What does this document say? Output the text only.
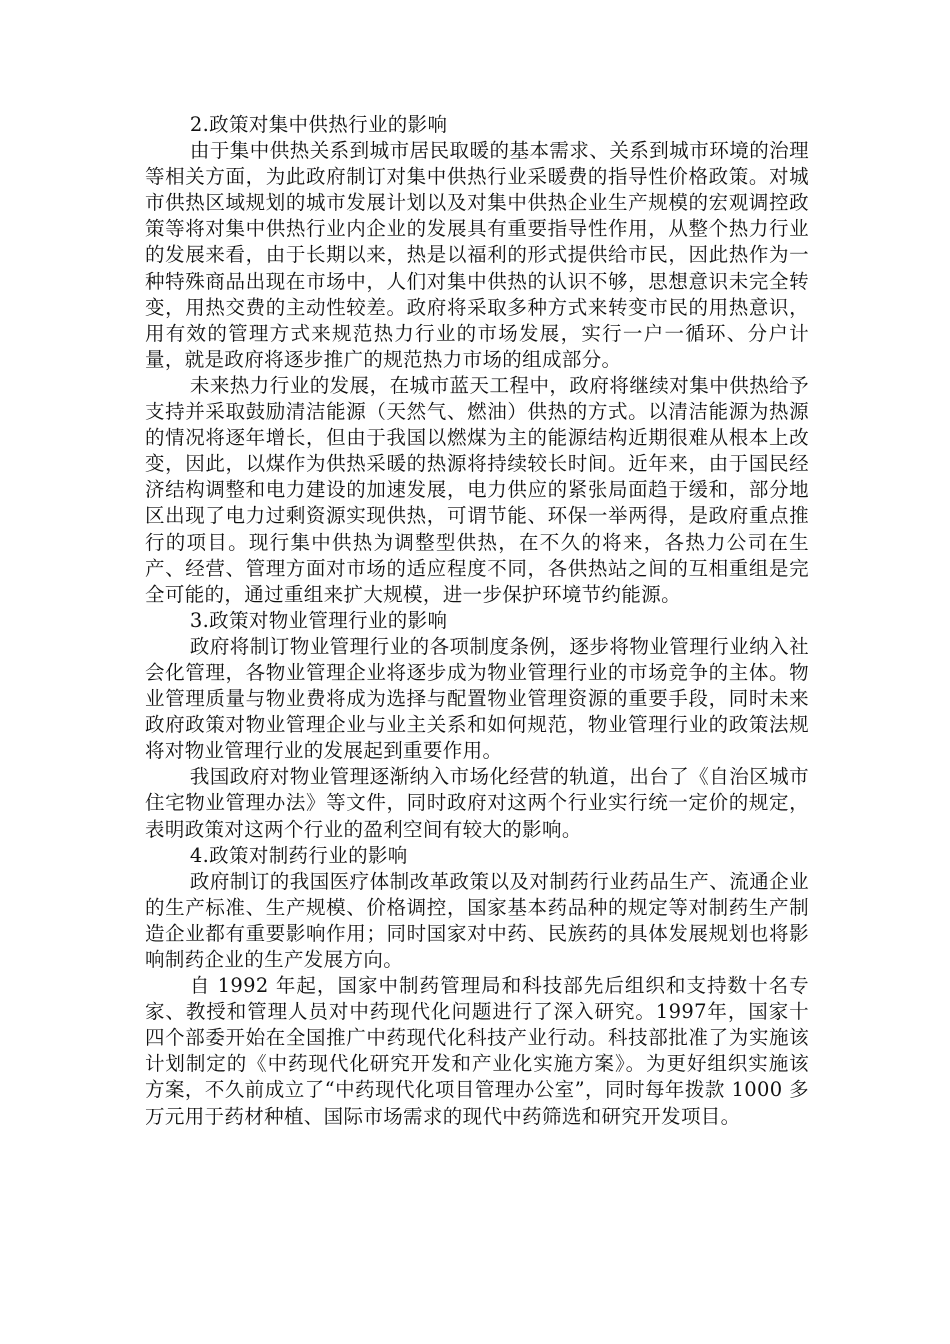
2.政策对集中供热行业的影响

由于集中供热关系到城市居民取暖的基本需求、关系到城市环境的治理等相关方面，为此政府制订对集中供热行业采暖费的指导性价格政策。对城市供热区域规划的城市发展计划以及对集中供热企业生产规模的宏观调控政策等将对集中供热行业内企业的发展具有重要指导性作用，从整个热力行业的发展来看，由于长期以来，热是以福利的形式提供给市民，因此热作为一种特殊商品出现在市场中，人们对集中供热的认识不够，思想意识未完全转变，用热交费的主动性较差。政府将采取多种方式来转变市民的用热意识，用有效的管理方式来规范热力行业的市场发展，实行一户一循环、分户计量，就是政府将逐步推广的规范热力市场的组成部分。

未来热力行业的发展，在城市蓝天工程中，政府将继续对集中供热给予支持并采取鼓励清洁能源（天然气、燃油）供热的方式。以清洁能源为热源的情况将逐年增长，但由于我国以燃煤为主的能源结构近期很难从根本上改变，因此，以煤作为供热采暖的热源将持续较长时间。近年来，由于国民经济结构调整和电力建设的加速发展，电力供应的紧张局面趋于缓和，部分地区出现了电力过剩资源实现供热，可谓节能、环保一举两得，是政府重点推行的项目。现行集中供热为调整型供热，在不久的将来，各热力公司在生产、经营、管理方面对市场的适应程度不同，各供热站之间的互相重组是完全可能的，通过重组来扩大规模，进一步保护环境节约能源。

3.政策对物业管理行业的影响

政府将制订物业管理行业的各项制度条例，逐步将物业管理行业纳入社会化管理，各物业管理企业将逐步成为物业管理行业的市场竞争的主体。物业管理质量与物业费将成为选择与配置物业管理资源的重要手段，同时未来政府政策对物业管理企业与业主关系和如何规范，物业管理行业的政策法规将对物业管理行业的发展起到重要作用。

我国政府对物业管理逐渐纳入市场化经营的轨道，出台了《自治区城市住宅物业管理办法》等文件，同时政府对这两个行业实行统一定价的规定，表明政策对这两个行业的盈利空间有较大的影响。

4.政策对制药行业的影响

政府制订的我国医疗体制改革政策以及对制药行业药品生产、流通企业的生产标准、生产规模、价格调控，国家基本药品种的规定等对制药生产制造企业都有重要影响作用；同时国家对中药、民族药的具体发展规划也将影响制药企业的生产发展方向。

自 1992 年起，国家中制药管理局和科技部先后组织和支持数十名专家、教授和管理人员对中药现代化问题进行了深入研究。1997年，国家十四个部委开始在全国推广中药现代化科技产业行动。科技部批准了为实施该计划制定的《中药现代化研究开发和产业化实施方案》。为更好组织实施该方案，不久前成立了“中药现代化项目管理办公室”，同时每年拨款 1000 多万元用于药材种植、国际市场需求的现代中药筛选和研究开发项目。
